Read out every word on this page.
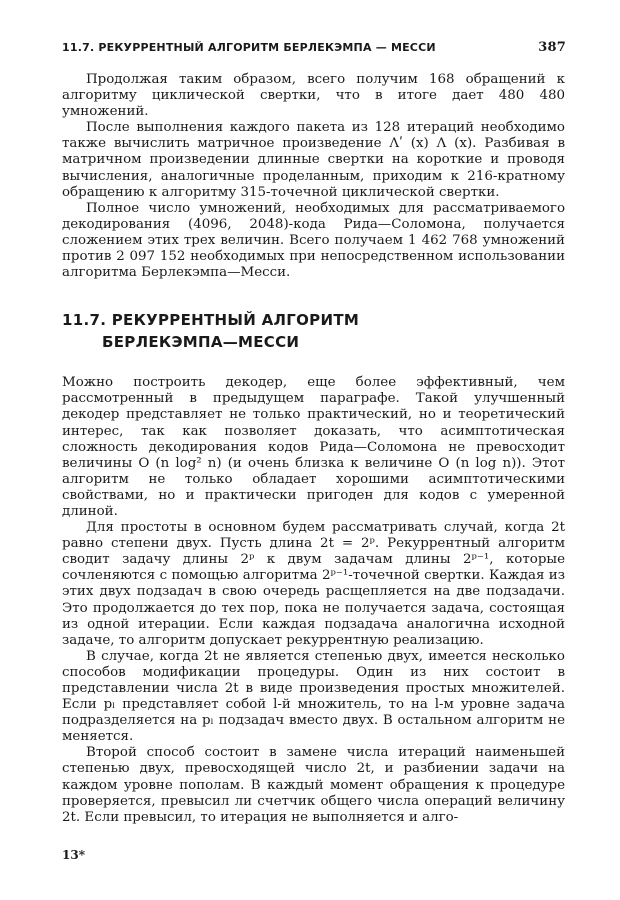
11.7. РЕКУРРЕНТНЫЙ АЛГОРИТМ БЕРЛЕКЭМПА — МЕССИ	387

Продолжая таким образом, всего получим 168 обращений к алгоритму циклической свертки, что в итоге дает 480 480 умножений.

После выполнения каждого пакета из 128 итераций необходимо также вычислить матричное произведение Λʹ (x) Λ (x). Разбивая в матричном произведении длинные свертки на короткие и проводя вычисления, аналогичные проделанным, приходим к 216-кратному обращению к алгоритму 315-точечной циклической свертки.

Полное число умножений, необходимых для рассматриваемого декодирования (4096, 2048)-кода Рида—Соломона, получается сложением этих трех величин. Всего получаем 1 462 768 умножений против 2 097 152 необходимых при непосредственном использовании алгоритма Берлекэмпа—Месси.

11.7. РЕКУРРЕНТНЫЙ АЛГОРИТМ
БЕРЛЕКЭМПА—МЕССИ

Можно построить декодер, еще более эффективный, чем рассмотренный в предыдущем параграфе. Такой улучшенный декодер представляет не только практический, но и теоретический интерес, так как позволяет доказать, что асимптотическая сложность декодирования кодов Рида—Соломона не превосходит величины O (n log² n) (и очень близка к величине O (n log n)). Этот алгоритм не только обладает хорошими асимптотическими свойствами, но и практически пригоден для кодов с умеренной длиной.

Для простоты в основном будем рассматривать случай, когда 2t равно степени двух. Пусть длина 2t = 2ᵖ. Рекуррентный алгоритм сводит задачу длины 2ᵖ к двум задачам длины 2ᵖ⁻¹, которые сочленяются с помощью алгоритма 2ᵖ⁻¹-точечной свертки. Каждая из этих двух подзадач в свою очередь расщепляется на две подзадачи. Это продолжается до тех пор, пока не получается задача, состоящая из одной итерации. Если каждая подзадача аналогична исходной задаче, то алгоритм допускает рекуррентную реализацию.

В случае, когда 2t не является степенью двух, имеется несколько способов модификации процедуры. Один из них состоит в представлении числа 2t в виде произведения простых множителей. Если pₗ представляет собой l-й множитель, то на l-м уровне задача подразделяется на pₗ подзадач вместо двух. В остальном алгоритм не меняется.

Второй способ состоит в замене числа итераций наименьшей степенью двух, превосходящей число 2t, и разбиении задачи на каждом уровне пополам. В каждый момент обращения к процедуре проверяется, превысил ли счетчик общего числа операций величину 2t. Если превысил, то итерация не выполняется и алго-

13*
